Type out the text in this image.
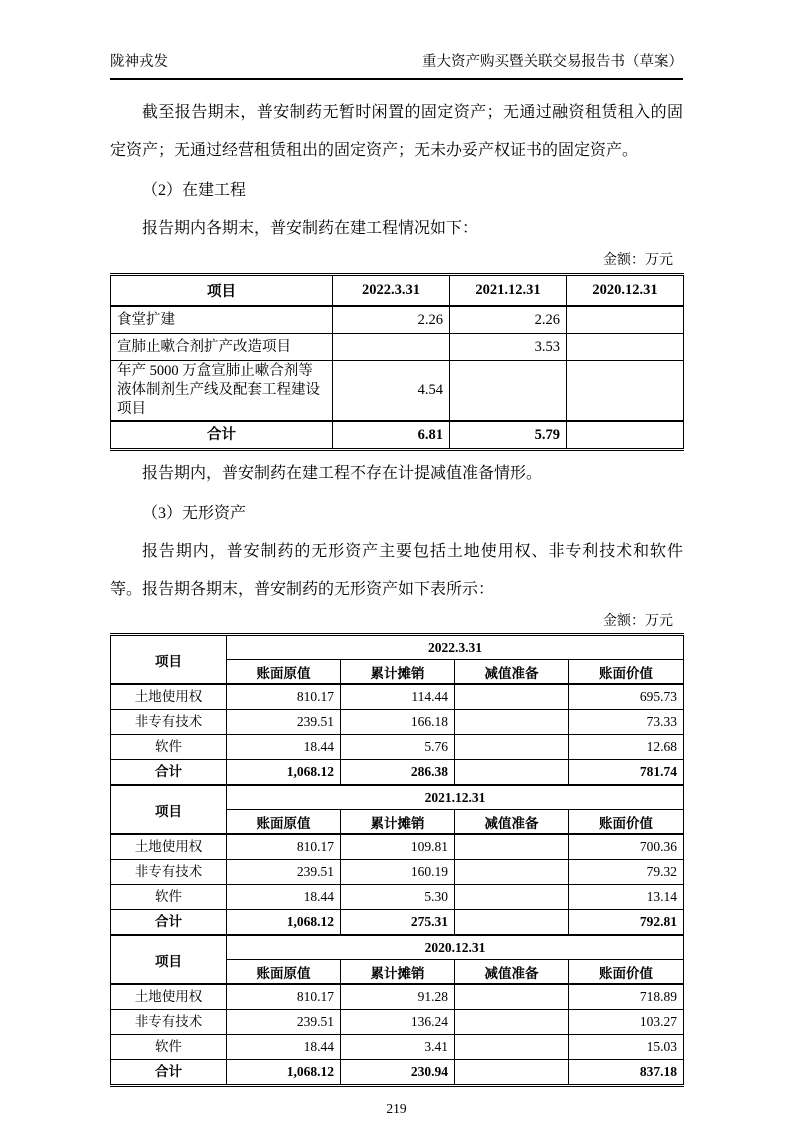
陇神戎发	重大资产购买暨关联交易报告书（草案）

截至报告期末，普安制药无暂时闲置的固定资产；无通过融资租赁租入的固定资产；无通过经营租赁租出的固定资产；无未办妥产权证书的固定资产。

（2）在建工程

报告期内各期末，普安制药在建工程情况如下：

金额：万元
项目	2022.3.31	2021.12.31	2020.12.31
食堂扩建	2.26	2.26	
宣肺止嗽合剂扩产改造项目		3.53	
年产 5000 万盒宣肺止嗽合剂等液体制剂生产线及配套工程建设项目	4.54		
合计	6.81	5.79	

报告期内，普安制药在建工程不存在计提减值准备情形。

（3）无形资产

报告期内，普安制药的无形资产主要包括土地使用权、非专利技术和软件等。报告期各期末，普安制药的无形资产如下表所示：

金额：万元
项目	2022.3.31			
	账面原值	累计摊销	减值准备	账面价值
土地使用权	810.17	114.44		695.73
非专有技术	239.51	166.18		73.33
软件	18.44	5.76		12.68
合计	1,068.12	286.38		781.74
项目	2021.12.31			
	账面原值	累计摊销	减值准备	账面价值
土地使用权	810.17	109.81		700.36
非专有技术	239.51	160.19		79.32
软件	18.44	5.30		13.14
合计	1,068.12	275.31		792.81
项目	2020.12.31			
	账面原值	累计摊销	减值准备	账面价值
土地使用权	810.17	91.28		718.89
非专有技术	239.51	136.24		103.27
软件	18.44	3.41		15.03
合计	1,068.12	230.94		837.18
219
